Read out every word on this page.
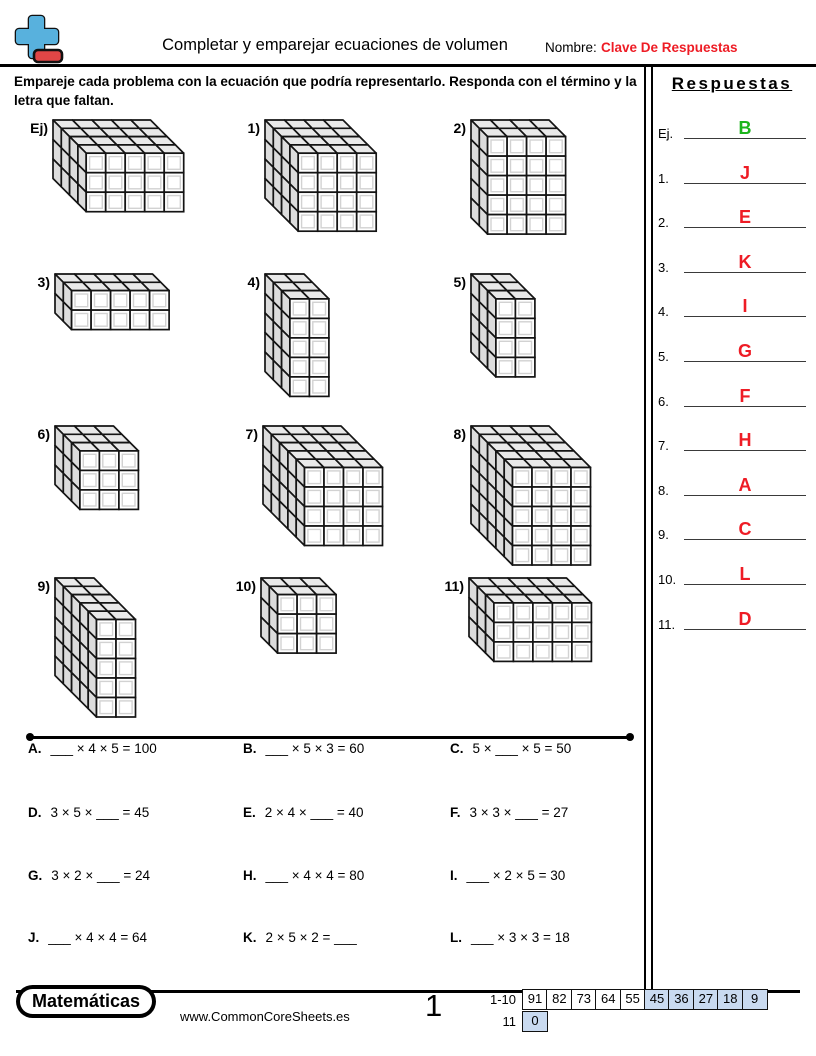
Completar y emparejar ecuaciones de volumen	Nombre: Clave De Respuestas
Empareje cada problema con la ecuación que podría representarlo. Responda con el término y la letra que faltan.
Ej)	1)	2)
3)	4)	5)
6)	7)	8)
9)	10)	11)
A. ___ × 4 × 5 = 100	B. ___ × 5 × 3 = 60	C. 5 × ___ × 5 = 50
D. 3 × 5 × ___ = 45	E. 2 × 4 × ___ = 40	F. 3 × 3 × ___ = 27
G. 3 × 2 × ___ = 24	H. ___ × 4 × 4 = 80	I. ___ × 2 × 5 = 30
J. ___ × 4 × 4 = 64	K. 2 × 5 × 2 = ___	L. ___ × 3 × 3 = 18
Respuestas
Ej.	B
1.	J
2.	E
3.	K
4.	I
5.	G
6.	F
7.	H
8.	A
9.	C
10.	L
11.	D
Matemáticas
www.CommonCoreSheets.es 1	1-10 91 82 73 64 55 45 36 27 18	9
11	0
